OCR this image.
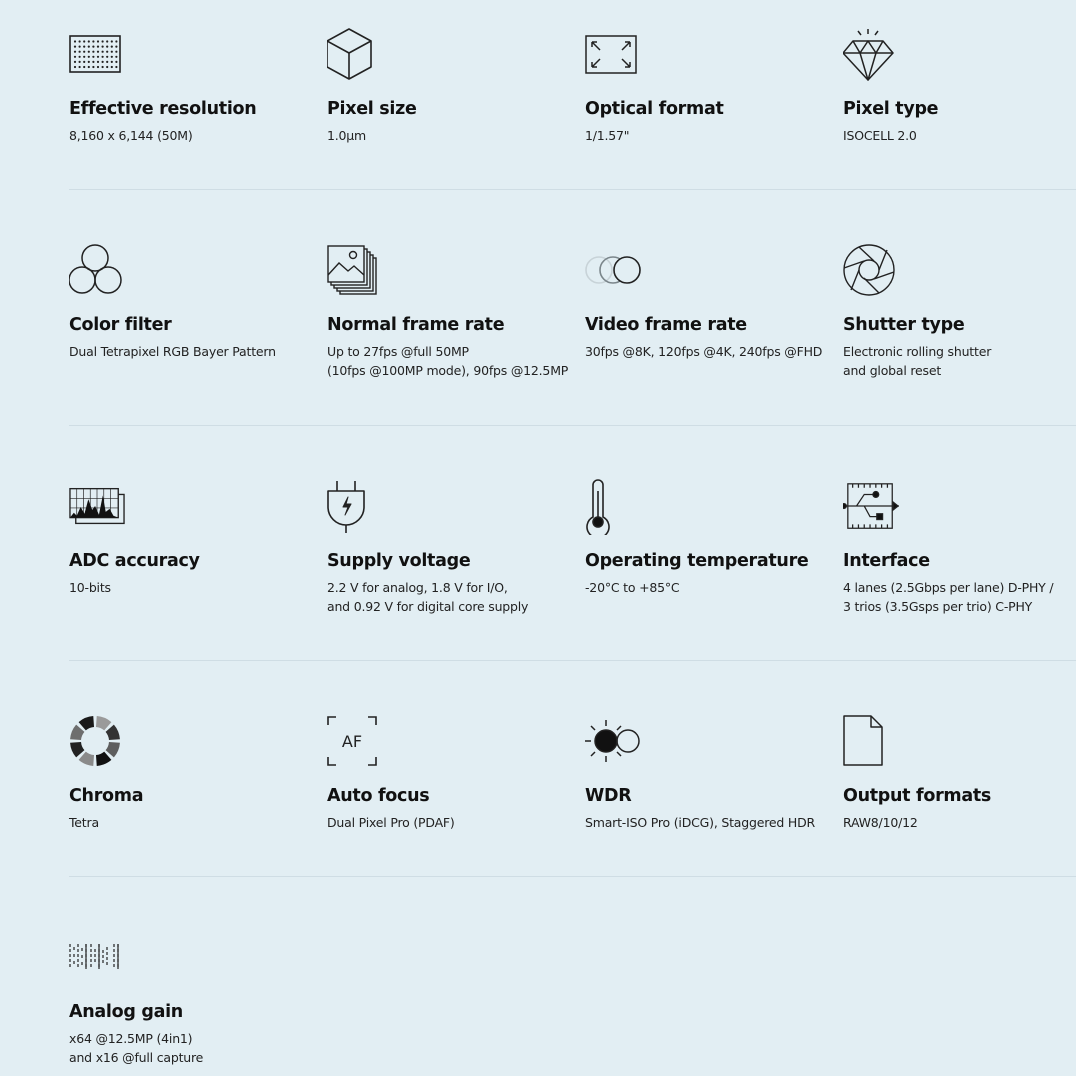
Effective resolution
8,160 x 6,144 (50M)
Pixel size
1.0μm
Optical format
1/1.57"
Pixel type
ISOCELL 2.0
Color filter
Dual Tetrapixel RGB Bayer Pattern
Normal frame rate
Up to 27fps @full 50MP
(10fps @100MP mode), 90fps @12.5MP
Video frame rate
30fps @8K, 120fps @4K, 240fps @FHD
Shutter type
Electronic rolling shutter
and global reset
ADC accuracy
10-bits
Supply voltage
2.2 V for analog, 1.8 V for I/O,
and 0.92 V for digital core supply
Operating temperature
-20°C to +85°C
Interface
4 lanes (2.5Gbps per lane) D-PHY /
3 trios (3.5Gsps per trio) C-PHY
Chroma
Tetra
AF
Auto focus
Dual Pixel Pro (PDAF)
WDR
Smart-ISO Pro (iDCG), Staggered HDR
Output formats
RAW8/10/12
Analog gain
x64 @12.5MP (4in1)
and x16 @full capture
